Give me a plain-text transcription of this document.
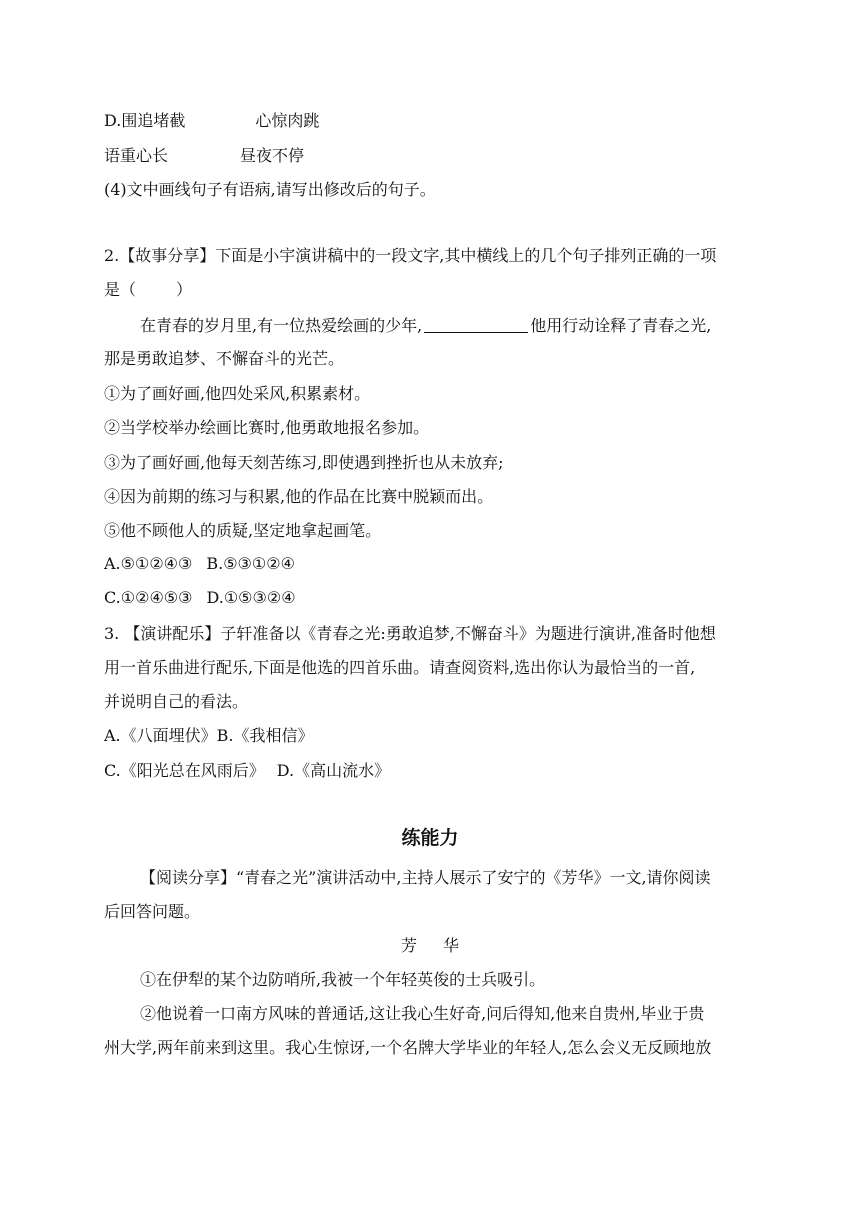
D.围追堵截	心惊肉跳
语重心长	昼夜不停
(4)文中画线句子有语病,请写出修改后的句子。
2.【故事分享】下面是小宇演讲稿中的一段文字,其中横线上的几个句子排列正确的一项
是（	）
在青春的岁月里,有一位热爱绘画的少年,	他用行动诠释了青春之光,
那是勇敢追梦、不懈奋斗的光芒。
①为了画好画,他四处采风,积累素材。
②当学校举办绘画比赛时,他勇敢地报名参加。
③为了画好画,他每天刻苦练习,即使遇到挫折也从未放弃;
④因为前期的练习与积累,他的作品在比赛中脱颖而出。
⑤他不顾他人的质疑,坚定地拿起画笔。
A.⑤①②④③ B.⑤③①②④
C.①②④⑤③ D.①⑤③②④
3. 【演讲配乐】子轩准备以《青春之光:勇敢追梦,不懈奋斗》为题进行演讲,准备时他想
用一首乐曲进行配乐,下面是他选的四首乐曲。请查阅资料,选出你认为最恰当的一首,
并说明自己的看法。
A.《八面埋伏》B.《我相信》
C.《阳光总在风雨后》 D.《高山流水》
练能力
【阅读分享】“青春之光”演讲活动中,主持人展示了安宁的《芳华》一文,请你阅读
后回答问题。
芳 华
①在伊犁的某个边防哨所,我被一个年轻英俊的士兵吸引。
②他说着一口南方风味的普通话,这让我心生好奇,问后得知,他来自贵州,毕业于贵
州大学,两年前来到这里。我心生惊讶,一个名牌大学毕业的年轻人,怎么会义无反顾地放
